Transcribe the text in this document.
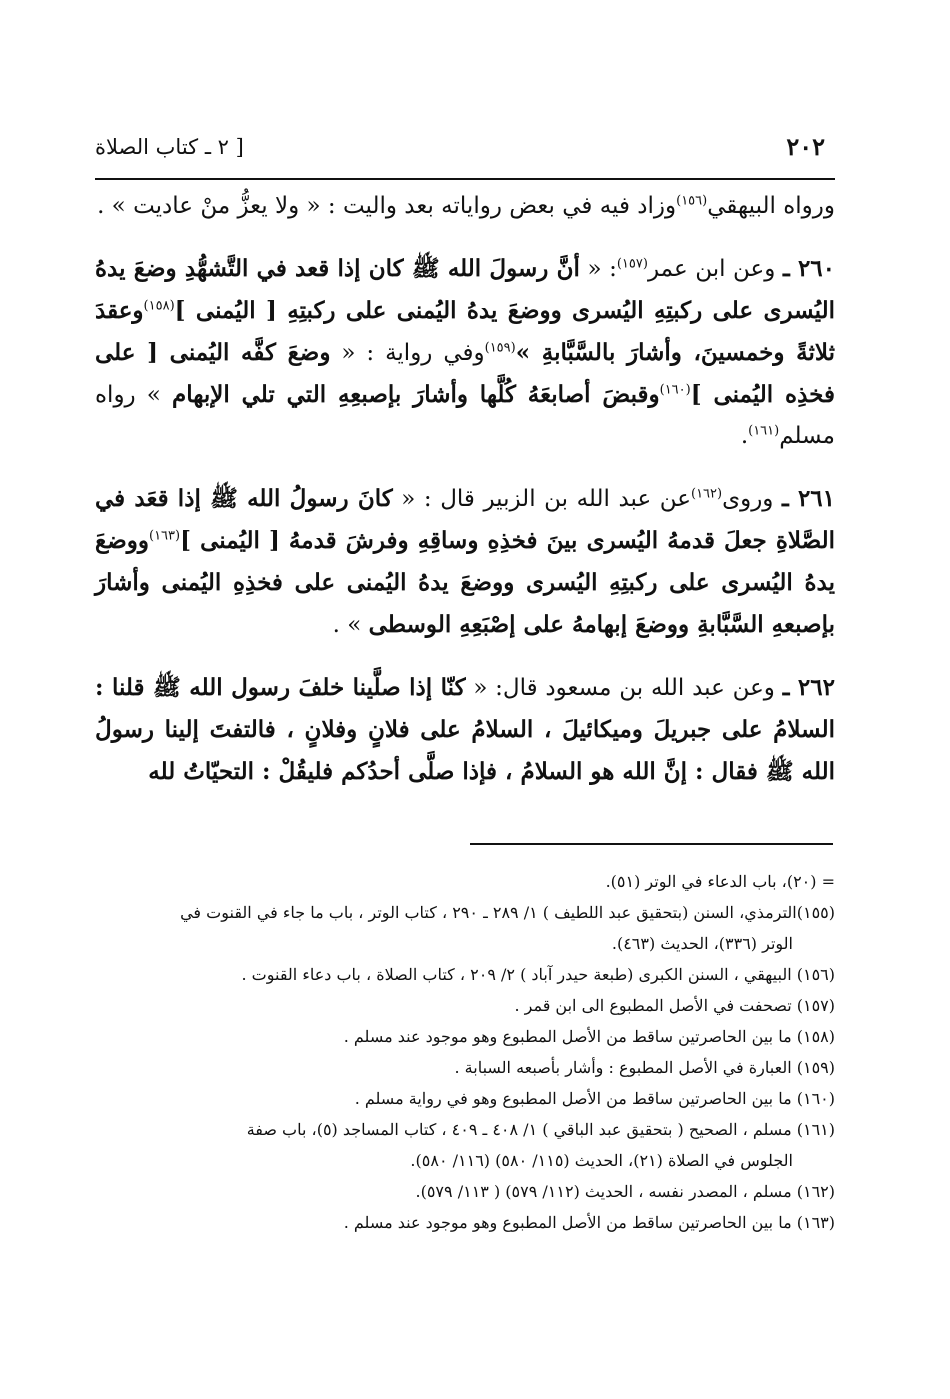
٢٠٢
[ ٢ ـ كتاب الصلاة

ورواه البيهقي$^{(١٥٦)}$وزاد فيه في بعض رواياته بعد واليت : « ولا يعزُّ منْ عاديت » .

٢٦٠ ـ وعن ابن عمر$^{(١٥٧)}$: « أنَّ رسولَ الله ﷺ كان إذا قعد في التَّشهُّدِ وضعَ يدهُ اليُسرى على ركبتِهِ اليُسرى ووضعَ يدهُ اليُمنى على ركبتِهِ [ اليُمنى ]$^{(١٥٨)}$وعقدَ ثلاثةً وخمسينَ، وأشارَ بالسَّبَّابةِ »$^{(١٥٩)}$وفي رواية : « وضعَ كفَّه اليُمنى [ على فخذِه اليُمنى ]$^{(١٦٠)}$وقبضَ أصابعَهُ كُلَّها وأشارَ بإصبعِهِ التي تلي الإبهام » رواه مسلم$^{(١٦١)}$.

٢٦١ ـ وروى$^{(١٦٢)}$عن عبد الله بن الزبير قال : « كانَ رسولُ الله ﷺ إذا قعَد في الصَّلاةِ جعلَ قدمهُ اليُسرى بينَ فخذِهِ وساقِهِ وفرشَ قدمهُ [ اليُمنى ]$^{(١٦٣)}$ووضعَ يدهُ اليُسرى على ركبتِهِ اليُسرى ووضعَ يدهُ اليُمنى على فخذِهِ اليُمنى وأشارَ بإصبعهِ السَّبَّابةِ ووضعَ إبهامهُ على إصْبَعِهِ الوسطى » .

٢٦٢ ـ وعن عبد الله بن مسعود قال: « كنّا إذا صلَّينا خلفَ رسول الله ﷺ قلنا : السلامُ على جبريلَ وميكائيلَ ، السلامُ على فلانٍ وفلانٍ ، فالتفتَ إلينا رسولُ الله ﷺ فقال : إنَّ الله هو السلامُ ، فإذا صلَّى أحدُكم فليقُلْ : التحيّاتُ لله

= (٢٠)، باب الدعاء في الوتر (٥١).

(١٥٥)الترمذي، السنن (بتحقيق عبد اللطيف ) ١/ ٢٨٩ ـ ٢٩٠ ، كتاب الوتر ، باب ما جاء في القنوت في

الوتر (٣٣٦)، الحديث (٤٦٣).

(١٥٦) البيهقي ، السنن الكبرى (طبعة حيدر آباد ) ٢/ ٢٠٩ ، كتاب الصلاة ، باب دعاء القنوت .

(١٥٧) تصحفت في الأصل المطبوع الى ابن قمر .

(١٥٨) ما بين الحاصرتين ساقط من الأصل المطبوع وهو موجود عند مسلم .

(١٥٩) العبارة في الأصل المطبوع : وأشار بأصبعه السبابة .

(١٦٠) ما بين الحاصرتين ساقط من الأصل المطبوع وهو في رواية مسلم .

(١٦١) مسلم ، الصحيح ( بتحقيق عبد الباقي ) ١/ ٤٠٨ ـ ٤٠٩ ، كتاب المساجد (٥)، باب صفة

الجلوس في الصلاة (٢١)، الحديث (١١٥/ ٥٨٠) (١١٦/ ٥٨٠).

(١٦٢) مسلم ، المصدر نفسه ، الحديث (١١٢/ ٥٧٩) ( ١١٣/ ٥٧٩).

(١٦٣) ما بين الحاصرتين ساقط من الأصل المطبوع وهو موجود عند مسلم .
